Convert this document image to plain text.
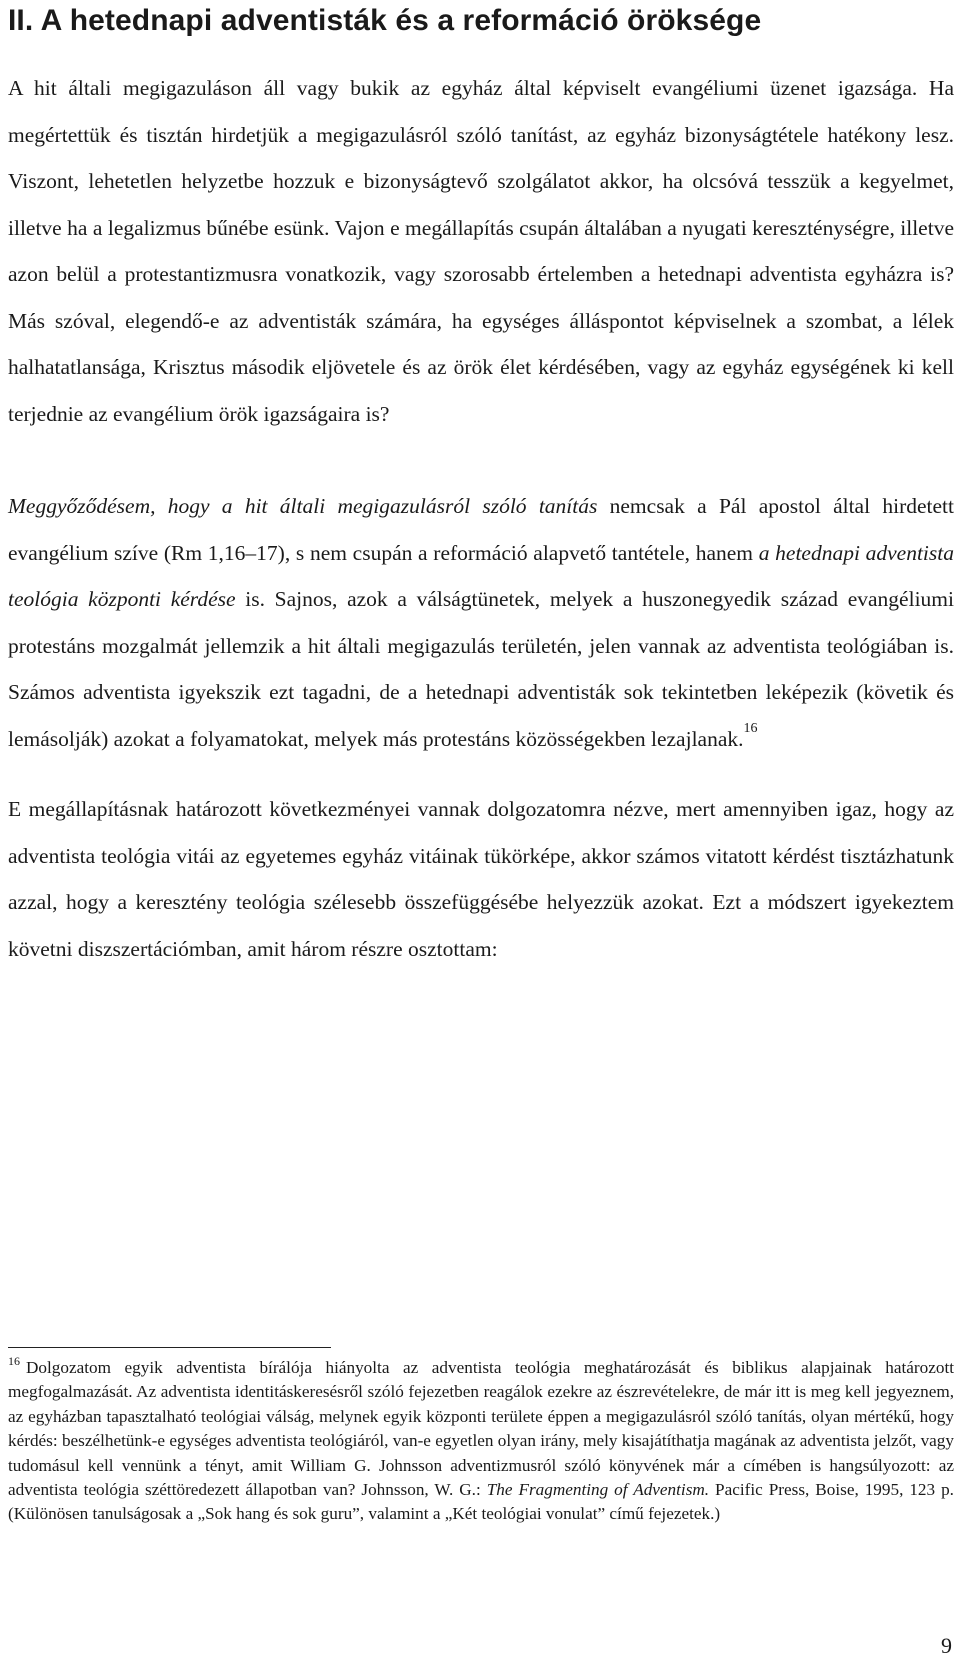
II. A hetednapi adventisták és a reformáció öröksége

A hit általi megigazuláson áll vagy bukik az egyház által képviselt evangéliumi üzenet igazsága. Ha megértettük és tisztán hirdetjük a megigazulásról szóló tanítást, az egyház bizonyságtétele hatékony lesz. Viszont, lehetetlen helyzetbe hozzuk e bizonyságtevő szolgálatot akkor, ha olcsóvá tesszük a kegyelmet, illetve ha a legalizmus bűnébe esünk. Vajon e megállapítás csupán általában a nyugati kereszténységre, illetve azon belül a protestantizmusra vonatkozik, vagy szorosabb értelemben a hetednapi adventista egyházra is? Más szóval, elegendő-e az adventisták számára, ha egységes álláspontot képviselnek a szombat, a lélek halhatatlansága, Krisztus második eljövetele és az örök élet kérdésében, vagy az egyház egységének ki kell terjednie az evangélium örök igazságaira is?

Meggyőződésem, hogy a hit általi megigazulásról szóló tanítás nemcsak a Pál apostol által hirdetett evangélium szíve (Rm 1,16–17), s nem csupán a reformáció alapvető tantétele, hanem a hetednapi adventista teológia központi kérdése is. Sajnos, azok a válságtünetek, melyek a huszonegyedik század evangéliumi protestáns mozgalmát jellemzik a hit általi megigazulás területén, jelen vannak az adventista teológiában is. Számos adventista igyekszik ezt tagadni, de a hetednapi adventisták sok tekintetben leképezik (követik és lemásolják) azokat a folyamatokat, melyek más protestáns közösségekben lezajlanak.$^{16}$

E megállapításnak határozott következményei vannak dolgozatomra nézve, mert amennyiben igaz, hogy az adventista teológia vitái az egyetemes egyház vitáinak tükörképe, akkor számos vitatott kérdést tisztázhatunk azzal, hogy a keresztény teológia szélesebb összefüggésébe helyezzük azokat. Ezt a módszert igyekeztem követni diszszertációmban, amit három részre osztottam:

$^{16}$ Dolgozatom egyik adventista bírálója hiányolta az adventista teológia meghatározását és biblikus alapjainak határozott megfogalmazását. Az adventista identitáskeresésről szóló fejezetben reagálok ezekre az észrevételekre, de már itt is meg kell jegyeznem, az egyházban tapasztalható teológiai válság, melynek egyik központi területe éppen a megigazulásról szóló tanítás, olyan mértékű, hogy kérdés: beszélhetünk-e egységes adventista teológiáról, van-e egyetlen olyan irány, mely kisajátíthatja magának az adventista jelzőt, vagy tudomásul kell vennünk a tényt, amit William G. Johnsson adventizmusról szóló könyvének már a címében is hangsúlyozott: az adventista teológia széttöredezett állapotban van? Johnsson, W. G.: The Fragmenting of Adventism. Pacific Press, Boise, 1995, 123 p. (Különösen tanulságosak a „Sok hang és sok guru”, valamint a „Két teológiai vonulat” című fejezetek.)

9
